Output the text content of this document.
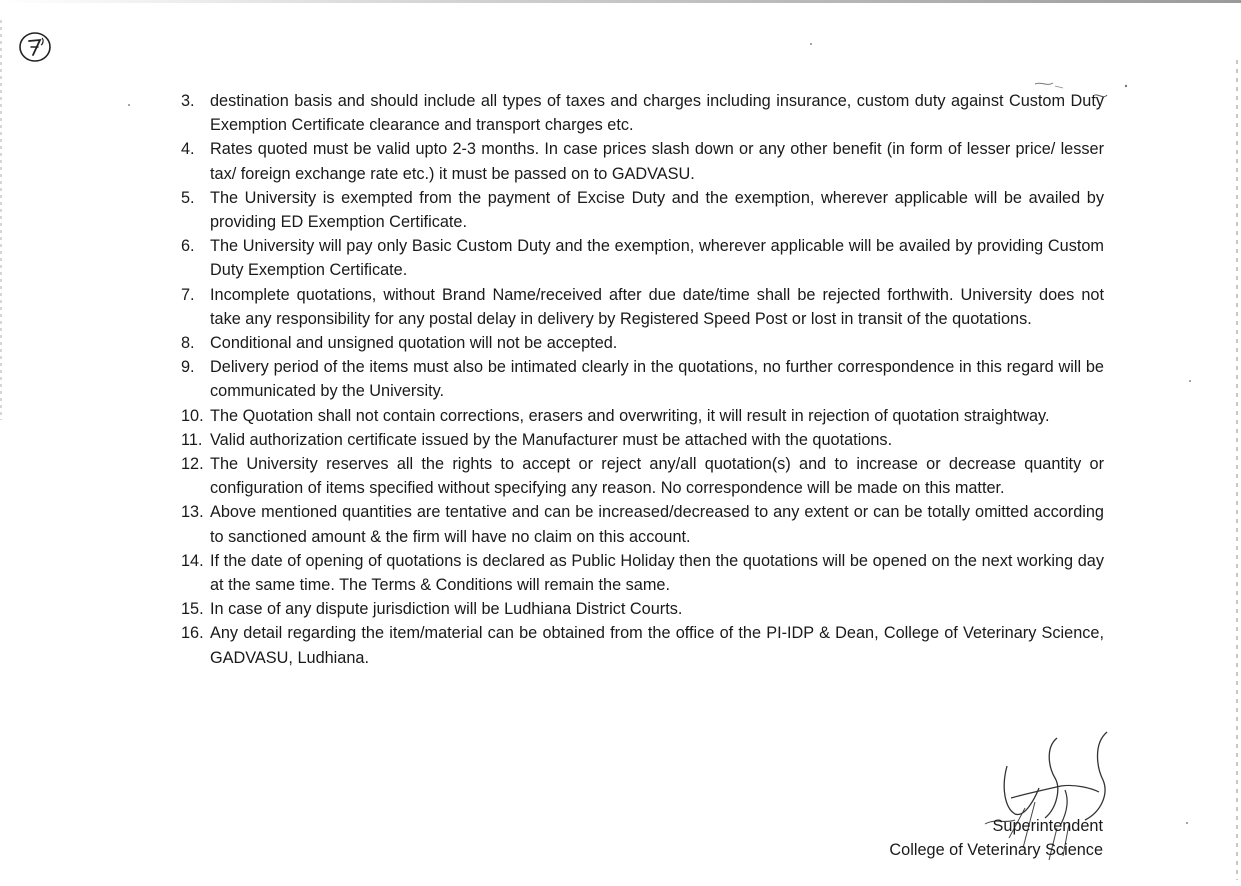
3. destination basis and should include all types of taxes and charges including insurance, custom duty against Custom Duty Exemption Certificate clearance and transport charges etc.
4. Rates quoted must be valid upto 2-3 months. In case prices slash down or any other benefit (in form of lesser price/ lesser tax/ foreign exchange rate etc.) it must be passed on to GADVASU.
5. The University is exempted from the payment of Excise Duty and the exemption, wherever applicable will be availed by providing ED Exemption Certificate.
6. The University will pay only Basic Custom Duty and the exemption, wherever applicable will be availed by providing Custom Duty Exemption Certificate.
7. Incomplete quotations, without Brand Name/received after due date/time shall be rejected forthwith. University does not take any responsibility for any postal delay in delivery by Registered Speed Post or lost in transit of the quotations.
8. Conditional and unsigned quotation will not be accepted.
9. Delivery period of the items must also be intimated clearly in the quotations, no further correspondence in this regard will be communicated by the University.
10. The Quotation shall not contain corrections, erasers and overwriting, it will result in rejection of quotation straightway.
11. Valid authorization certificate issued by the Manufacturer must be attached with the quotations.
12. The University reserves all the rights to accept or reject any/all quotation(s) and to increase or decrease quantity or configuration of items specified without specifying any reason. No correspondence will be made on this matter.
13. Above mentioned quantities are tentative and can be increased/decreased to any extent or can be totally omitted according to sanctioned amount & the firm will have no claim on this account.
14. If the date of opening of quotations is declared as Public Holiday then the quotations will be opened on the next working day at the same time. The Terms & Conditions will remain the same.
15. In case of any dispute jurisdiction will be Ludhiana District Courts.
16. Any detail regarding the item/material can be obtained from the office of the PI-IDP & Dean, College of Veterinary Science, GADVASU, Ludhiana.
Superintendent
College of Veterinary Science
